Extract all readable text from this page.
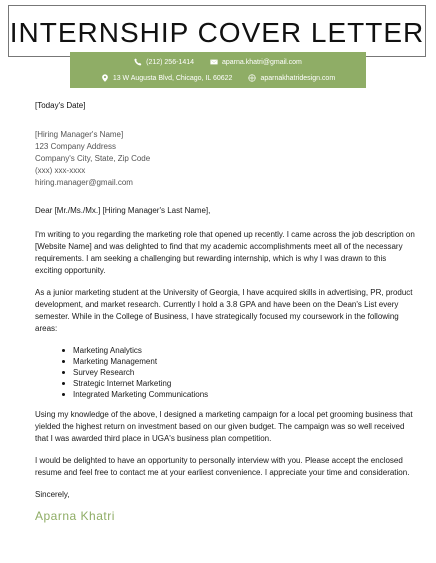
INTERNSHIP COVER LETTER
(212) 256-1414	aparna.khatri@gmail.com
13 W Augusta Blvd, Chicago, IL 60622	aparnakhatridesign.com

[Today's Date]

[Hiring Manager's Name]

123 Company Address

Company's City, State, Zip Code

(xxx) xxx-xxxx

hiring.manager@gmail.com

Dear [Mr./Ms./Mx.] [Hiring Manager's Last Name],

I'm writing to you regarding the marketing role that opened up recently. I came across the job description on [Website Name] and was delighted to find that my academic accomplishments meet all of the necessary requirements. I am seeking a challenging but rewarding internship, which is why I was drawn to this exciting opportunity.

As a junior marketing student at the University of Georgia, I have acquired skills in advertising, PR, product development, and market research. Currently I hold a 3.8 GPA and have been on the Dean's List every semester. While in the College of Business, I have strategically focused my coursework in the following areas:

Marketing Analytics
Marketing Management
Survey Research
Strategic Internet Marketing
Integrated Marketing Communications

Using my knowledge of the above, I designed a marketing campaign for a local pet grooming business that yielded the highest return on investment based on our given budget. The campaign was so well received that I was awarded third place in UGA's business plan competition.

I would be delighted to have an opportunity to personally interview with you. Please accept the enclosed resume and feel free to contact me at your earliest convenience. I appreciate your time and consideration.

Sincerely,

Aparna Khatri
